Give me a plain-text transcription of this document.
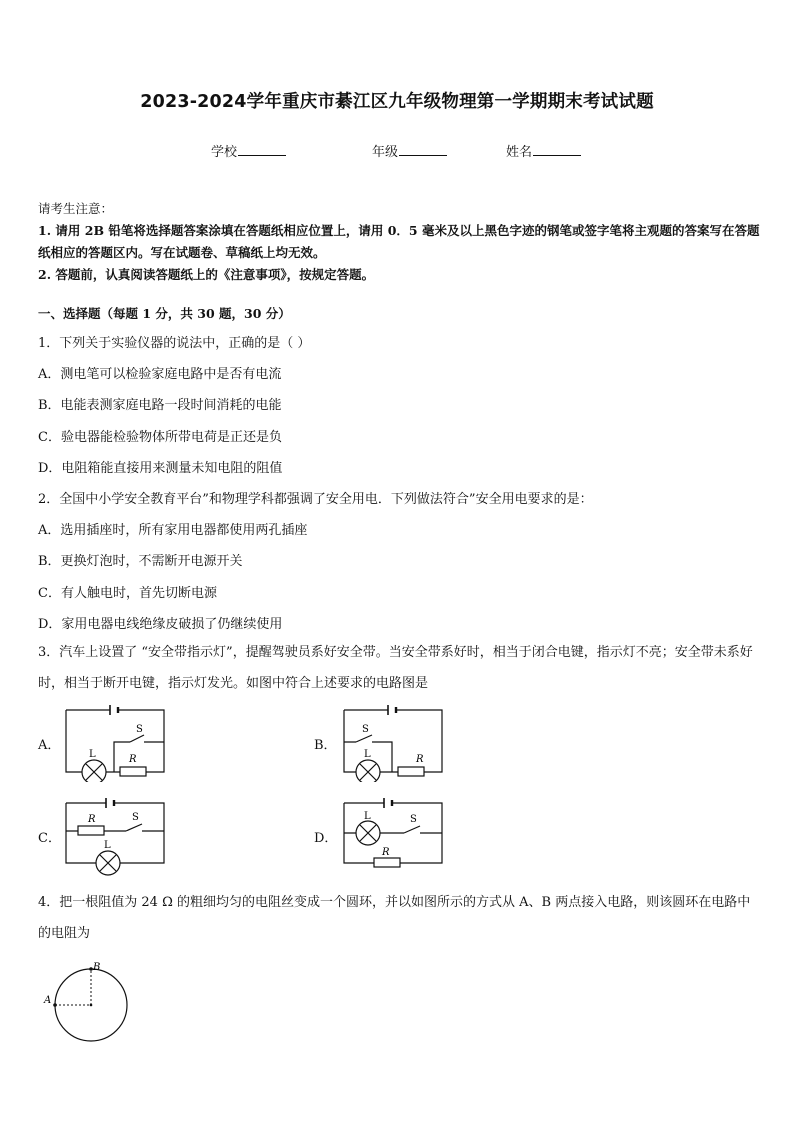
2023-2024学年重庆市綦江区九年级物理第一学期期末考试试题
学校	年级	姓名
请考生注意：
1. 请用 2B 铅笔将选择题答案涂填在答题纸相应位置上，请用 0．5 毫米及以上黑色字迹的钢笔或签字笔将主观题的答案写在答题纸相应的答题区内。写在试题卷、草稿纸上均无效。
2. 答题前，认真阅读答题纸上的《注意事项》，按规定答题。
一、选择题（每题 1 分，共 30 题，30 分）
1．下列关于实验仪器的说法中，正确的是（ ）
A．测电笔可以检验家庭电路中是否有电流
B．电能表测家庭电路一段时间消耗的电能
C．验电器能检验物体所带电荷是正还是负
D．电阻箱能直接用来测量未知电阻的阻值
2．全国中小学安全教育平台”和物理学科都强调了安全用电．下列做法符合”安全用电要求的是：
A．选用插座时，所有家用电器都使用两孔插座
B．更换灯泡时，不需断开电源开关
C．有人触电时，首先切断电源
D．家用电器电线绝缘皮破损了仍继续使用
3．汽车上设置了 “安全带指示灯”，提醒驾驶员系好安全带。当安全带系好时，相当于闭合电键，指示灯不亮；安全带未系好时，相当于断开电键，指示灯发光。如图中符合上述要求的电路图是
A．	B．
C．	D．
S
L	R
S
L	R
S
L
R	S
L
R
4．把一根阻值为 24 Ω 的粗细均匀的电阻丝变成一个圆环，并以如图所示的方式从 A、B 两点接入电路，则该圆环在电路中的电阻为
A
B
